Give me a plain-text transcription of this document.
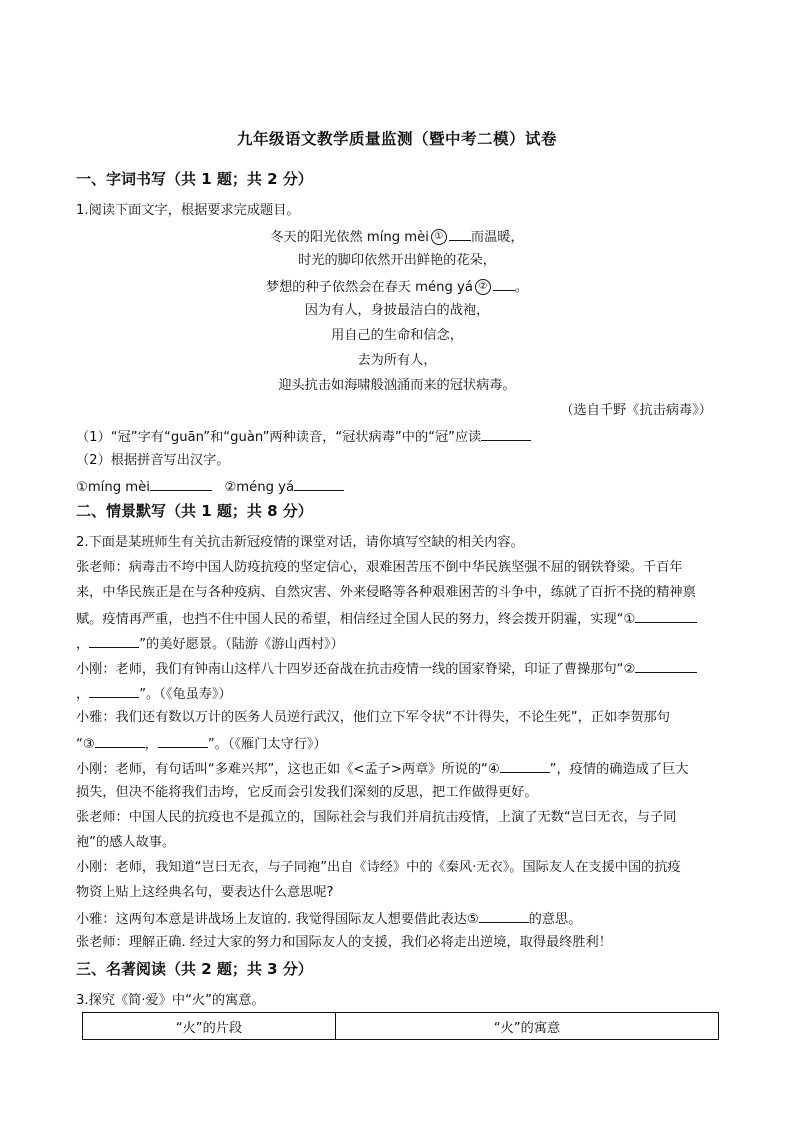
九年级语文教学质量监测（暨中考二模）试卷
一、字词书写（共 1 题；共 2 分）
1.阅读下面文字，根据要求完成题目。
冬天的阳光依然 míng mèi ① 而温暖，
时光的脚印依然开出鲜艳的花朵，
梦想的种子依然会在春天 méng yá ② 。
因为有人，身披最洁白的战袍，
用自己的生命和信念，
去为所有人，
迎头抗击如海啸般汹涌而来的冠状病毒。
（选自千野《抗击病毒》）
（1）“冠”字有“guān”和“guàn”两种读音，“冠状病毒”中的“冠”应读
（2）根据拼音写出汉字。
①míng mèi	②méng yá
二、情景默写（共 1 题；共 8 分）
2.下面是某班师生有关抗击新冠疫情的课堂对话，请你填写空缺的相关内容。
张老师：病毒击不垮中国人防疫抗疫的坚定信心，艰难困苦压不倒中华民族坚强不屈的钢铁脊梁。千百年
来，中华民族正是在与各种疫病、自然灾害、外来侵略等各种艰难困苦的斗争中，练就了百折不挠的精神禀
赋。疫情再严重，也挡不住中国人民的希望，相信经过全国人民的努力，终会拨开阴霾，实现“①
，	”的美好愿景。（陆游《游山西村》）
小刚：老师，我们有钟南山这样八十四岁还奋战在抗击疫情一线的国家脊梁，印证了曹操那句“②
，	”。（《龟虽寿》）
小雅：我们还有数以万计的医务人员逆行武汉，他们立下军令状“不计得失，不论生死”，正如李贺那句
“③	，	”。（《雁门太守行》）
小刚：老师，有句话叫“多难兴邦”，这也正如《<孟子>两章》所说的“④	”，疫情的确造成了巨大
损失，但决不能将我们击垮，它反而会引发我们深刻的反思，把工作做得更好。
张老师：中国人民的抗疫也不是孤立的，国际社会与我们并肩抗击疫情，上演了无数“岂曰无衣，与子同
袍”的感人故事。
小刚：老师，我知道“岂曰无衣，与子同袍”出自《诗经》中的《秦风·无衣》。国际友人在支援中国的抗疫
物资上贴上这经典名句，要表达什么意思呢?
小雅：这两句本意是讲战场上友谊的. 我觉得国际友人想要借此表达⑤	的意思。
张老师：理解正确. 经过大家的努力和国际友人的支援，我们必将走出逆境，取得最终胜利！
三、名著阅读（共 2 题；共 3 分）
3.探究《简·爱》中“火”的寓意。
“火”的片段	“火”的寓意
